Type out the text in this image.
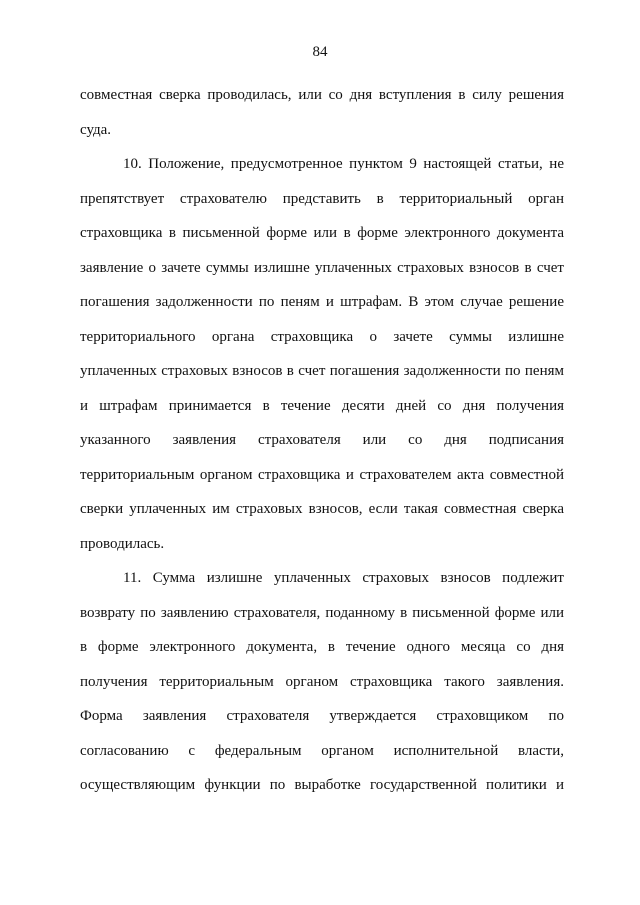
84
совместная сверка проводилась, или со дня вступления в силу решения
суда.
10. Положение, предусмотренное пунктом 9 настоящей статьи, не
препятствует страхователю представить в территориальный орган
страховщика в письменной форме или в форме электронного документа
заявление о зачете суммы излишне уплаченных страховых взносов в счет
погашения задолженности по пеням и штрафам. В этом случае решение
территориального органа страховщика о зачете суммы излишне
уплаченных страховых взносов в счет погашения задолженности по пеням
и штрафам принимается в течение десяти дней со дня получения
указанного заявления страхователя или со дня подписания
территориальным органом страховщика и страхователем акта совместной
сверки уплаченных им страховых взносов, если такая совместная сверка
проводилась.
11. Сумма излишне уплаченных страховых взносов подлежит
возврату по заявлению страхователя, поданному в письменной форме или
в форме электронного документа, в течение одного месяца со дня
получения территориальным органом страховщика такого заявления.
Форма заявления страхователя утверждается страховщиком по
согласованию с федеральным органом исполнительной власти,
осуществляющим функции по выработке государственной политики и
